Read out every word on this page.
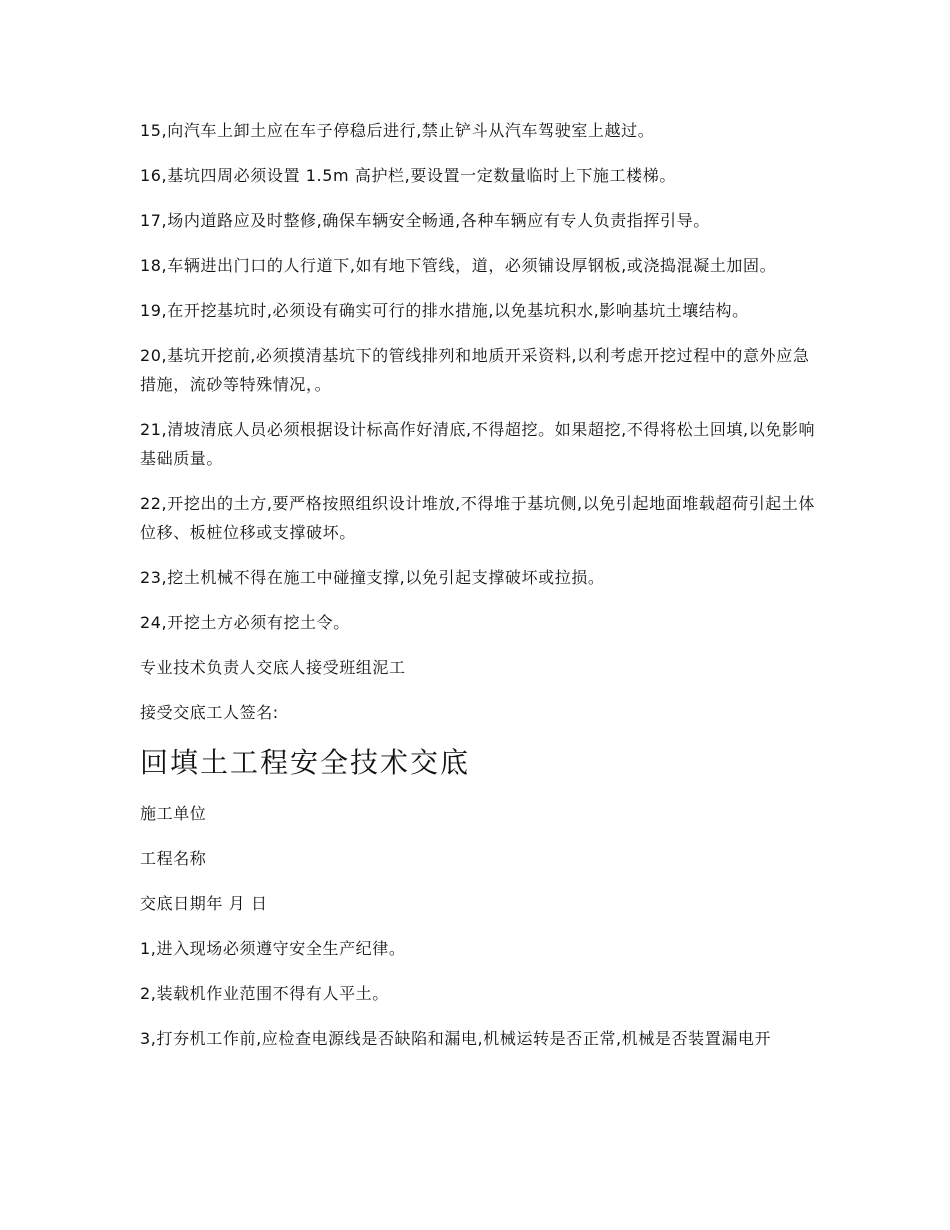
15,向汽车上卸土应在车子停稳后进行,禁止铲斗从汽车驾驶室上越过。

16,基坑四周必须设置 1.5m 高护栏,要设置一定数量临时上下施工楼梯。

17,场内道路应及时整修,确保车辆安全畅通,各种车辆应有专人负责指挥引导。

18,车辆进出门口的人行道下,如有地下管线，道，必须铺设厚钢板,或浇捣混凝土加固。

19,在开挖基坑时,必须设有确实可行的排水措施,以免基坑积水,影响基坑土壤结构。

20,基坑开挖前,必须摸清基坑下的管线排列和地质开采资料,以利考虑开挖过程中的意外应急措施，流砂等特殊情况，。

21,清坡清底人员必须根据设计标高作好清底,不得超挖。如果超挖,不得将松土回填,以免影响基础质量。

22,开挖出的土方,要严格按照组织设计堆放,不得堆于基坑侧,以免引起地面堆载超荷引起土体位移、板桩位移或支撑破坏。

23,挖土机械不得在施工中碰撞支撑,以免引起支撑破坏或拉损。

24,开挖土方必须有挖土令。

专业技术负责人交底人接受班组泥工

接受交底工人签名:

回填土工程安全技术交底

施工单位

工程名称

交底日期年 月 日

1,进入现场必须遵守安全生产纪律。

2,装载机作业范围不得有人平土。

3,打夯机工作前,应检查电源线是否缺陷和漏电,机械运转是否正常,机械是否装置漏电开
